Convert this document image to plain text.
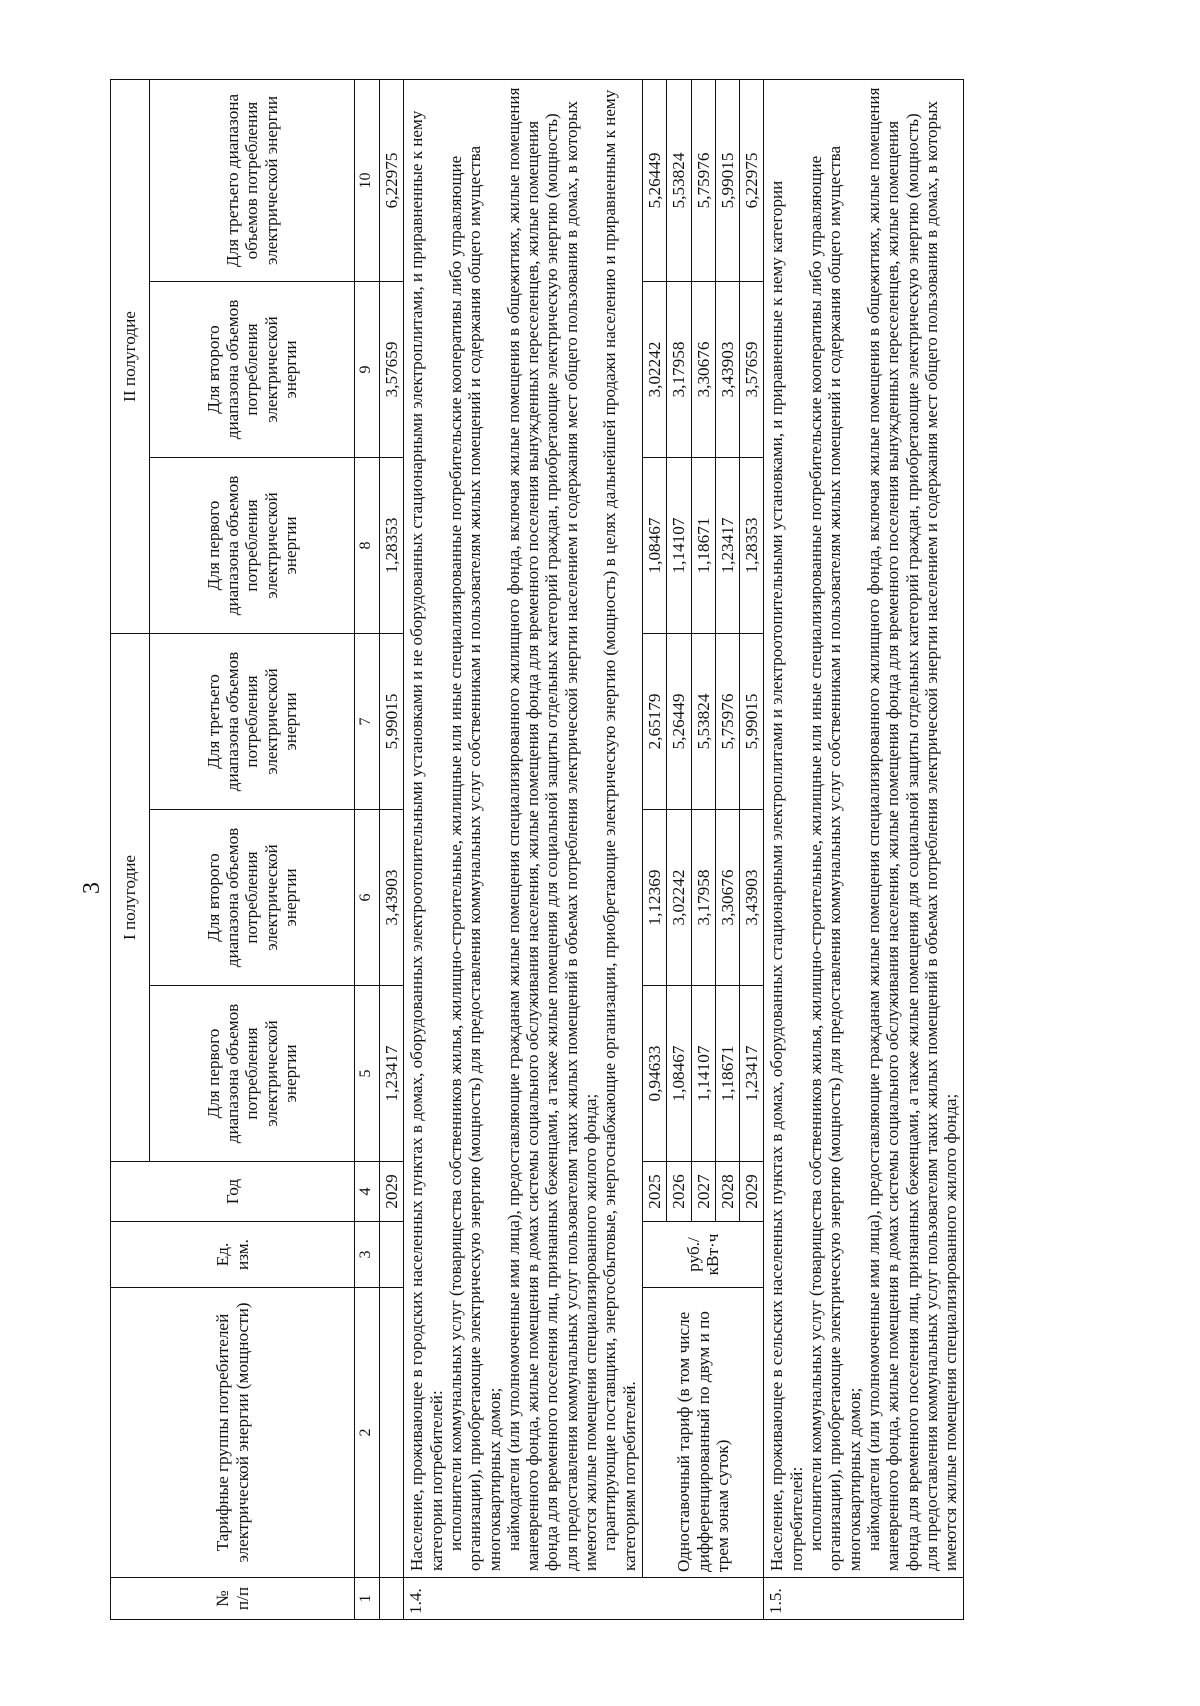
3
№ п/п	Тарифные группы потребителей электрической энергии (мощности)	Ед. изм.	Год	I полугодие			II полугодие		
				Для первого диапазона объемов потребления электрической энергии	Для второго диапазона объемов потребления электрической энергии	Для третьего диапазона объемов потребления электрической энергии	Для первого диапазона объемов потребления электрической энергии	Для второго диапазона объемов потребления электрической энергии	Для третьего диапазона объемов потребления электрической энергии
1	2	3	4	5	6	7	8	9	10
			2029	1,23417	3,43903	5,99015	1,28353	3,57659	6,22975
1.4.	Население, проживающее в городских населенных пунктах в домах, оборудованных электроотопительными установками и не оборудованных стационарными электроплитами, и приравненные к нему категории потребителей: исполнители коммунальных услуг (товарищества собственников жилья, жилищно-строительные, жилищные или иные специализированные потребительские кооперативы либо управляющие организации), приобретающие электрическую энергию (мощность) для предоставления коммунальных услуг собственникам и пользователям жилых помещений и содержания общего имущества многоквартирных домов; наймодатели (или уполномоченные ими лица), предоставляющие гражданам жилые помещения специализированного жилищного фонда, включая жилые помещения в общежитиях, жилые помещения маневренного фонда, жилые помещения в домах системы социального обслуживания населения, жилые помещения фонда для временного поселения вынужденных переселенцев, жилые помещения фонда для временного поселения лиц, признанных беженцами, а также жилые помещения для социальной защиты отдельных категорий граждан, приобретающие электрическую энергию (мощность) для предоставления коммунальных услуг пользователям таких жилых помещений в объемах потребления электрической энергии населением и содержания мест общего пользования в домах, в которых имеются жилые помещения специализированного жилого фонда; гарантирующие поставщики, энергосбытовые, энергоснабжающие организации, приобретающие электрическую энергию (мощность) в целях дальнейшей продажи населению и приравненным к нему категориям потребителей.								

	Одноставочный тариф (в том числе дифференцированный по двум и по трем зонам суток)	руб./ кВт·ч	2025	0,94633	1,12369	2,65179	1,08467	3,02242	5,26449
			2026	1,08467	3,02242	5,26449	1,14107	3,17958	5,53824
			2027	1,14107	3,17958	5,53824	1,18671	3,30676	5,75976
			2028	1,18671	3,30676	5,75976	1,23417	3,43903	5,99015
			2029	1,23417	3,43903	5,99015	1,28353	3,57659	6,22975
1.5.	Население, проживающее в сельских населенных пунктах в домах, оборудованных стационарными электроплитами и электроотопительными установками, и приравненные к нему категории потребителей: исполнители коммунальных услуг (товарищества собственников жилья, жилищно-строительные, жилищные или иные специализированные потребительские кооперативы либо управляющие организации), приобретающие электрическую энергию (мощность) для предоставления коммунальных услуг собственникам и пользователям жилых помещений и содержания общего имущества многоквартирных домов; наймодатели (или уполномоченные ими лица), предоставляющие гражданам жилые помещения специализированного жилищного фонда, включая жилые помещения в общежитиях, жилые помещения маневренного фонда, жилые помещения в домах системы социального обслуживания населения, жилые помещения фонда для временного поселения вынужденных переселенцев, жилые помещения фонда для временного поселения лиц, признанных беженцами, а также жилые помещения для социальной защиты отдельных категорий граждан, приобретающие электрическую энергию (мощность) для предоставления коммунальных услуг пользователям таких жилых помещений в объемах потребления электрической энергии населением и содержания мест общего пользования в домах, в которых имеются жилые помещения специализированного жилого фонда;								
